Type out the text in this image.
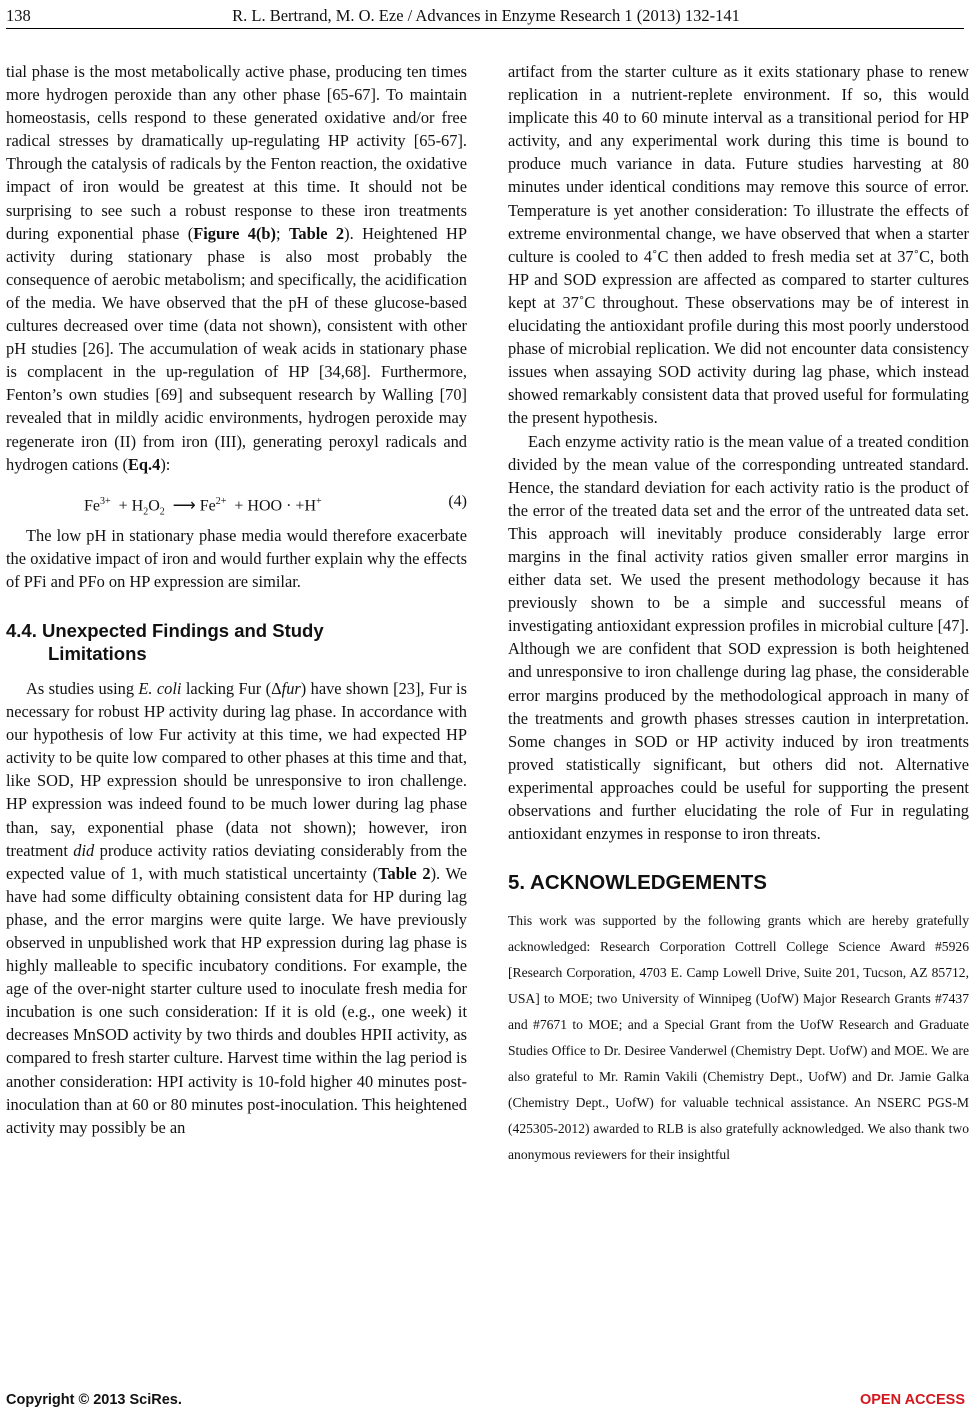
138	R. L. Bertrand, M. O. Eze / Advances in Enzyme Research 1 (2013) 132-141

tial phase is the most metabolically active phase, producing ten times more hydrogen peroxide than any other phase [65-67]. To maintain homeostasis, cells respond to these generated oxidative and/or free radical stresses by dramatically up-regulating HP activity [65-67]. Through the catalysis of radicals by the Fenton reaction, the oxidative impact of iron would be greatest at this time. It should not be surprising to see such a robust response to these iron treatments during exponential phase (Figure 4(b); Table 2). Heightened HP activity during stationary phase is also most probably the consequence of aerobic metabolism; and specifically, the acidification of the media. We have observed that the pH of these glucose-based cultures decreased over time (data not shown), consistent with other pH studies [26]. The accumulation of weak acids in stationary phase is complacent in the up-regulation of HP [34,68]. Furthermore, Fenton’s own studies [69] and subsequent research by Walling [70] revealed that in mildly acidic environments, hydrogen peroxide may regenerate iron (II) from iron (III), generating peroxyl radicals and hydrogen cations (Eq.4):

$Fe^{3+} + H_2O_2$ ⟶ $Fe^{2+}$ + HOO · +H+	(4)

The low pH in stationary phase media would therefore exacerbate the oxidative impact of iron and would further explain why the effects of PFi and PFo on HP expression are similar.

4.4. Unexpected Findings and Study
Limitations

As studies using E. coli lacking Fur (Δfur) have shown [23], Fur is necessary for robust HP activity during lag phase. In accordance with our hypothesis of low Fur activity at this time, we had expected HP activity to be quite low compared to other phases at this time and that, like SOD, HP expression should be unresponsive to iron challenge. HP expression was indeed found to be much lower during lag phase than, say, exponential phase (data not shown); however, iron treatment did produce activity ratios deviating considerably from the expected value of 1, with much statistical uncertainty (Table 2). We have had some difficulty obtaining consistent data for HP during lag phase, and the error margins were quite large. We have previously observed in unpublished work that HP expression during lag phase is highly malleable to specific incubatory conditions. For example, the age of the over-night starter culture used to inoculate fresh media for incubation is one such consideration: If it is old (e.g., one week) it decreases MnSOD activity by two thirds and doubles HPII activity, as compared to fresh starter culture. Harvest time within the lag period is another consideration: HPI activity is 10-fold higher 40 minutes post-inoculation than at 60 or 80 minutes post-inoculation. This heightened activity may possibly be an

artifact from the starter culture as it exits stationary phase to renew replication in a nutrient-replete environment. If so, this would implicate this 40 to 60 minute interval as a transitional period for HP activity, and any experimental work during this time is bound to produce much variance in data. Future studies harvesting at 80 minutes under identical conditions may remove this source of error. Temperature is yet another consideration: To illustrate the effects of extreme environmental change, we have observed that when a starter culture is cooled to 4˚C then added to fresh media set at 37˚C, both HP and SOD expression are affected as compared to starter cultures kept at 37˚C throughout. These observations may be of interest in elucidating the antioxidant profile during this most poorly understood phase of microbial replication. We did not encounter data consistency issues when assaying SOD activity during lag phase, which instead showed remarkably consistent data that proved useful for formulating the present hypothesis.

Each enzyme activity ratio is the mean value of a treated condition divided by the mean value of the corresponding untreated standard. Hence, the standard deviation for each activity ratio is the product of the error of the treated data set and the error of the untreated data set. This approach will inevitably produce considerably large error margins in the final activity ratios given smaller error margins in either data set. We used the present methodology because it has previously shown to be a simple and successful means of investigating antioxidant expression profiles in microbial culture [47]. Although we are confident that SOD expression is both heightened and unresponsive to iron challenge during lag phase, the considerable error margins produced by the methodological approach in many of the treatments and growth phases stresses caution in interpretation. Some changes in SOD or HP activity induced by iron treatments proved statistically significant, but others did not. Alternative experimental approaches could be useful for supporting the present observations and further elucidating the role of Fur in regulating antioxidant enzymes in response to iron threats.

5. ACKNOWLEDGEMENTS

This work was supported by the following grants which are hereby gratefully acknowledged: Research Corporation Cottrell College Science Award #5926 [Research Corporation, 4703 E. Camp Lowell Drive, Suite 201, Tucson, AZ 85712, USA] to MOE; two University of Winnipeg (UofW) Major Research Grants #7437 and #7671 to MOE; and a Special Grant from the UofW Research and Graduate Studies Office to Dr. Desiree Vanderwel (Chemistry Dept. UofW) and MOE. We are also grateful to Mr. Ramin Vakili (Chemistry Dept., UofW) and Dr. Jamie Galka (Chemistry Dept., UofW) for valuable technical assistance. An NSERC PGS-M (425305-2012) awarded to RLB is also gratefully acknowledged. We also thank two anonymous reviewers for their insightful

Copyright © 2013 SciRes.	OPEN ACCESS
